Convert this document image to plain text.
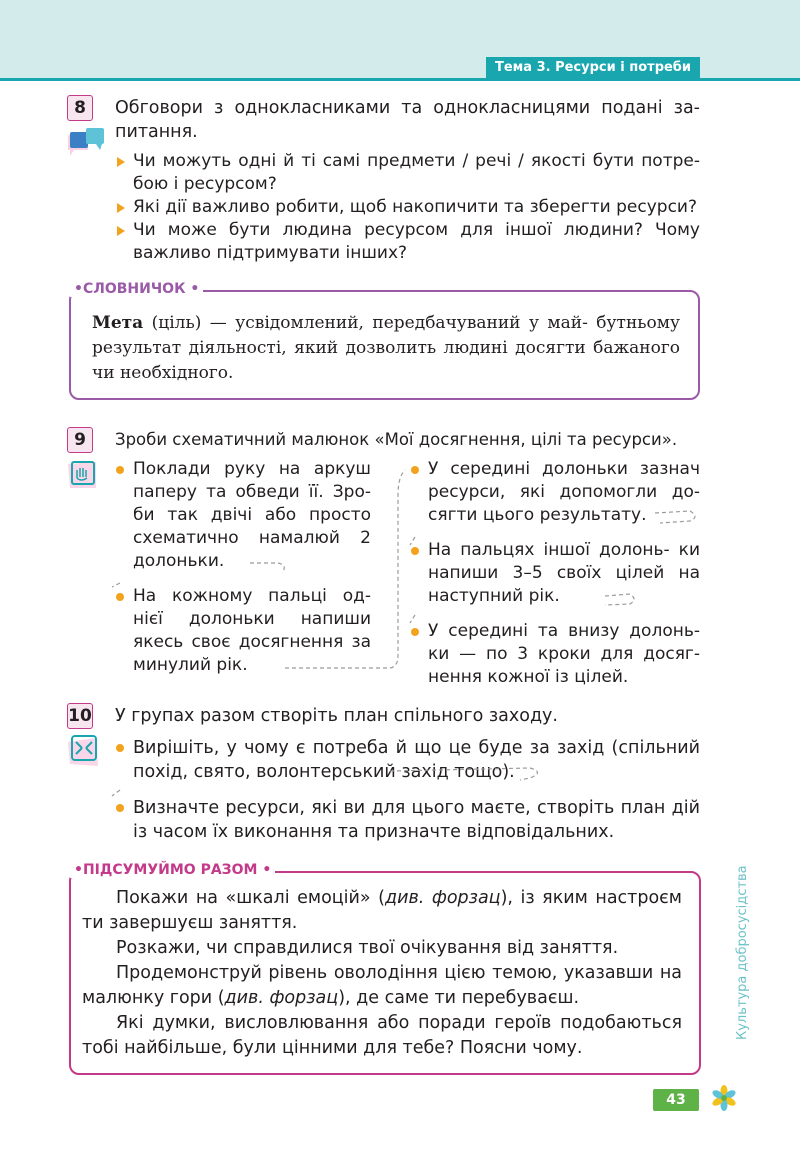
Тема 3. Ресурси і потреби
8	Обговори з однокласниками та однокласницями подані за- питання.
Чи можуть одні й ті самі предмети / речі / якості бути потре- бою і ресурсом?
Які дії важливо робити, щоб накопичити та зберегти ресурси?
Чи може бути людина ресурсом для іншої людини? Чому важливо підтримувати інших?
•СЛОВНИЧОК •
Мета (ціль) — усвідомлений, передбачуваний у май- бутньому результат діяльності, який дозволить людині досягти бажаного чи необхідного.
9	Зроби схематичний малюнок «Мої досягнення, цілі та ресурси».
Поклади руку на аркуш паперу та обведи її. Зро- би так двічі або просто схематично намалюй 2 долоньки.
На кожному пальці од- нієї долоньки напиши якесь своє досягнення за минулий рік.
У середині долоньки зазнач ресурси, які допомогли до- сягти цього результату.
На пальцях іншої долонь- ки напиши 3–5 своїх цілей на наступний рік.
У середині та внизу долонь- ки — по 3 кроки для досяг- нення кожної із цілей.
10 У групах разом створіть план спільного заходу.
Вирішіть, у чому є потреба й що це буде за захід (спільний похід, свято, волонтерський захід тощо).
Визначте ресурси, які ви для цього маєте, створіть план дій із часом їх виконання та призначте відповідальних.
•ПІДСУМУЙМО РАЗОМ •
Покажи на «шкалі емоцій» (див. форзац), із яким настроєм ти завершуєш заняття.
Розкажи, чи справдилися твої очікування від заняття.
Продемонструй рівень оволодіння цією темою, указавши на малюнку гори (див. форзац), де саме ти перебуваєш.
Які думки, висловлювання або поради героїв подобаються тобі найбільше, були цінними для тебе? Поясни чому.
Культура добросусідства
43
